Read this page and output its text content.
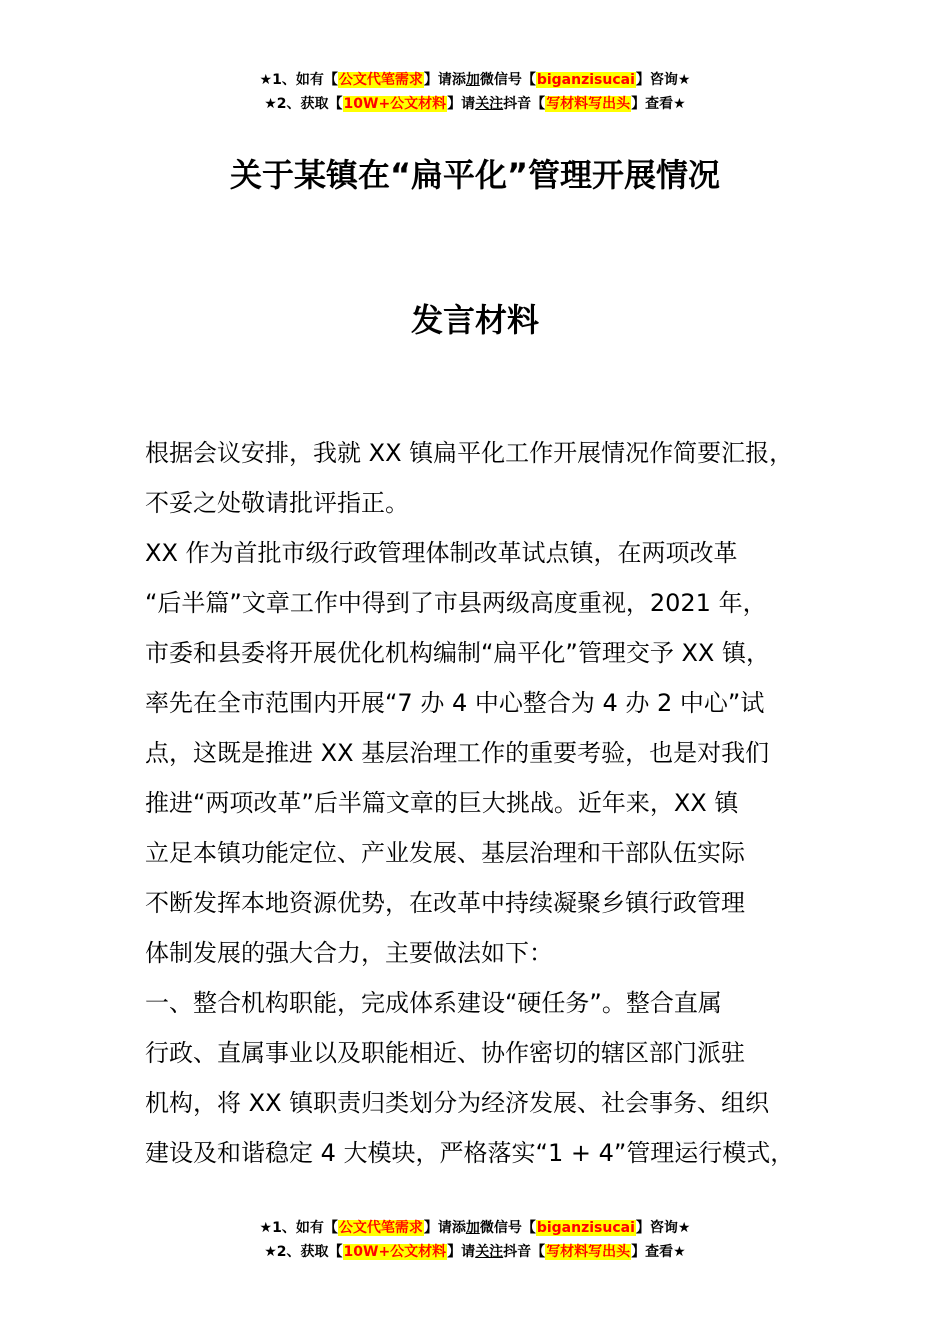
★1、如有【公文代笔需求】请添加微信号【biganzisucai】咨询★
★2、获取【10W+公文材料】请关注抖音【写材料写出头】查看★
关于某镇在“扁平化”管理开展情况
发言材料
根据会议安排，我就 XX 镇扁平化工作开展情况作简要汇报，
不妥之处敬请批评指正。
XX 作为首批市级行政管理体制改革试点镇，在两项改革
“后半篇”文章工作中得到了市县两级高度重视，2021 年，
市委和县委将开展优化机构编制“扁平化”管理交予 XX 镇，
率先在全市范围内开展“7 办 4 中心整合为 4 办 2 中心”试
点，这既是推进 XX 基层治理工作的重要考验，也是对我们
推进“两项改革”后半篇文章的巨大挑战。近年来，XX 镇
立足本镇功能定位、产业发展、基层治理和干部队伍实际
不断发挥本地资源优势，在改革中持续凝聚乡镇行政管理
体制发展的强大合力，主要做法如下：
一、整合机构职能，完成体系建设“硬任务”。整合直属
行政、直属事业以及职能相近、协作密切的辖区部门派驻
机构，将 XX 镇职责归类划分为经济发展、社会事务、组织
建设及和谐稳定 4 大模块，严格落实“1 + 4”管理运行模式，
★1、如有【公文代笔需求】请添加微信号【biganzisucai】咨询★
★2、获取【10W+公文材料】请关注抖音【写材料写出头】查看★
